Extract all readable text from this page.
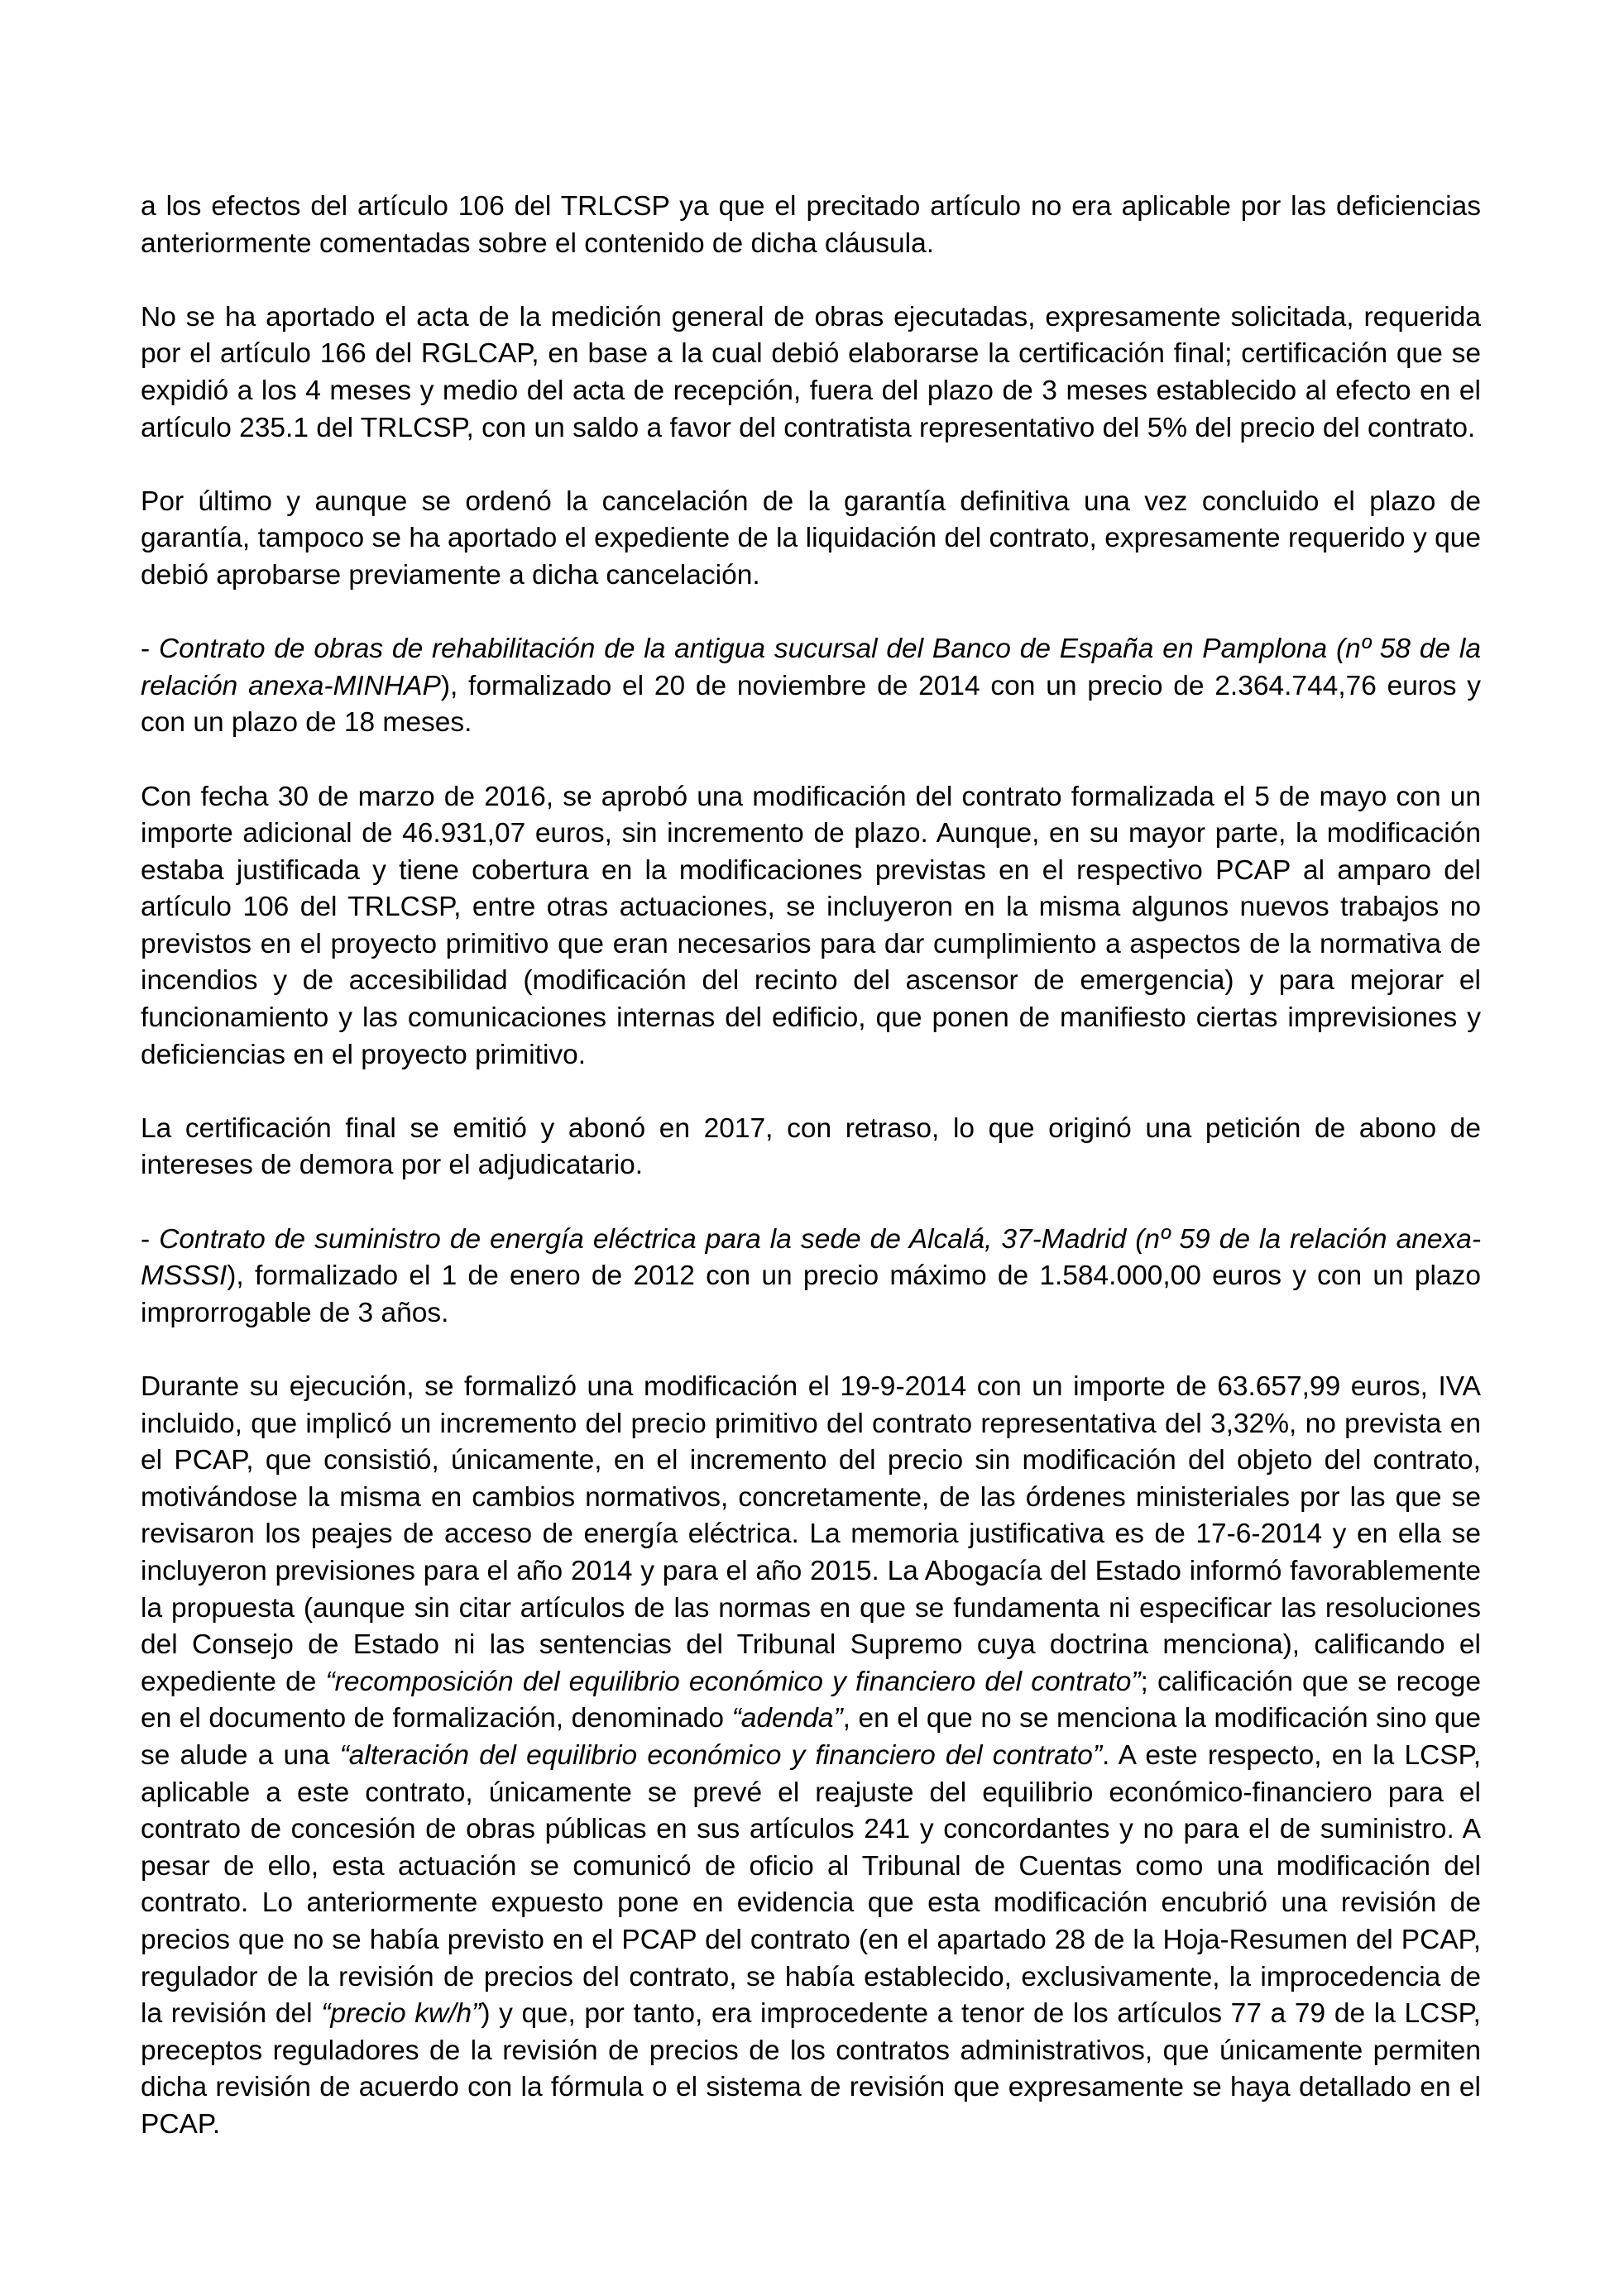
a los efectos del artículo 106 del TRLCSP ya que el precitado artículo no era aplicable por las deficiencias anteriormente comentadas sobre el contenido de dicha cláusula.

No se ha aportado el acta de la medición general de obras ejecutadas, expresamente solicitada, requerida por el artículo 166 del RGLCAP, en base a la cual debió elaborarse la certificación final; certificación que se expidió a los 4 meses y medio del acta de recepción, fuera del plazo de 3 meses establecido al efecto en el artículo 235.1 del TRLCSP, con un saldo a favor del contratista representativo del 5% del precio del contrato.

Por último y aunque se ordenó la cancelación de la garantía definitiva una vez concluido el plazo de garantía, tampoco se ha aportado el expediente de la liquidación del contrato, expresamente requerido y que debió aprobarse previamente a dicha cancelación.

- Contrato de obras de rehabilitación de la antigua sucursal del Banco de España en Pamplona (nº 58 de la relación anexa-MINHAP), formalizado el 20 de noviembre de 2014 con un precio de 2.364.744,76 euros y con un plazo de 18 meses.

Con fecha 30 de marzo de 2016, se aprobó una modificación del contrato formalizada el 5 de mayo con un importe adicional de 46.931,07 euros, sin incremento de plazo. Aunque, en su mayor parte, la modificación estaba justificada y tiene cobertura en la modificaciones previstas en el respectivo PCAP al amparo del artículo 106 del TRLCSP, entre otras actuaciones, se incluyeron en la misma algunos nuevos trabajos no previstos en el proyecto primitivo que eran necesarios para dar cumplimiento a aspectos de la normativa de incendios y de accesibilidad (modificación del recinto del ascensor de emergencia) y para mejorar el funcionamiento y las comunicaciones internas del edificio, que ponen de manifiesto ciertas imprevisiones y deficiencias en el proyecto primitivo.

La certificación final se emitió y abonó en 2017, con retraso, lo que originó una petición de abono de intereses de demora por el adjudicatario.

- Contrato de suministro de energía eléctrica para la sede de Alcalá, 37-Madrid (nº 59 de la relación anexa-MSSSI), formalizado el 1 de enero de 2012 con un precio máximo de 1.584.000,00 euros y con un plazo improrrogable de 3 años.

Durante su ejecución, se formalizó una modificación el 19-9-2014 con un importe de 63.657,99 euros, IVA incluido, que implicó un incremento del precio primitivo del contrato representativa del 3,32%, no prevista en el PCAP, que consistió, únicamente, en el incremento del precio sin modificación del objeto del contrato, motivándose la misma en cambios normativos, concretamente, de las órdenes ministeriales por las que se revisaron los peajes de acceso de energía eléctrica. La memoria justificativa es de 17-6-2014 y en ella se incluyeron previsiones para el año 2014 y para el año 2015. La Abogacía del Estado informó favorablemente la propuesta (aunque sin citar artículos de las normas en que se fundamenta ni especificar las resoluciones del Consejo de Estado ni las sentencias del Tribunal Supremo cuya doctrina menciona), calificando el expediente de “recomposición del equilibrio económico y financiero del contrato”; calificación que se recoge en el documento de formalización, denominado “adenda”, en el que no se menciona la modificación sino que se alude a una “alteración del equilibrio económico y financiero del contrato”. A este respecto, en la LCSP, aplicable a este contrato, únicamente se prevé el reajuste del equilibrio económico-financiero para el contrato de concesión de obras públicas en sus artículos 241 y concordantes y no para el de suministro. A pesar de ello, esta actuación se comunicó de oficio al Tribunal de Cuentas como una modificación del contrato. Lo anteriormente expuesto pone en evidencia que esta modificación encubrió una revisión de precios que no se había previsto en el PCAP del contrato (en el apartado 28 de la Hoja-Resumen del PCAP, regulador de la revisión de precios del contrato, se había establecido, exclusivamente, la improcedencia de la revisión del “precio kw/h”) y que, por tanto, era improcedente a tenor de los artículos 77 a 79 de la LCSP, preceptos reguladores de la revisión de precios de los contratos administrativos, que únicamente permiten dicha revisión de acuerdo con la fórmula o el sistema de revisión que expresamente se haya detallado en el PCAP.
